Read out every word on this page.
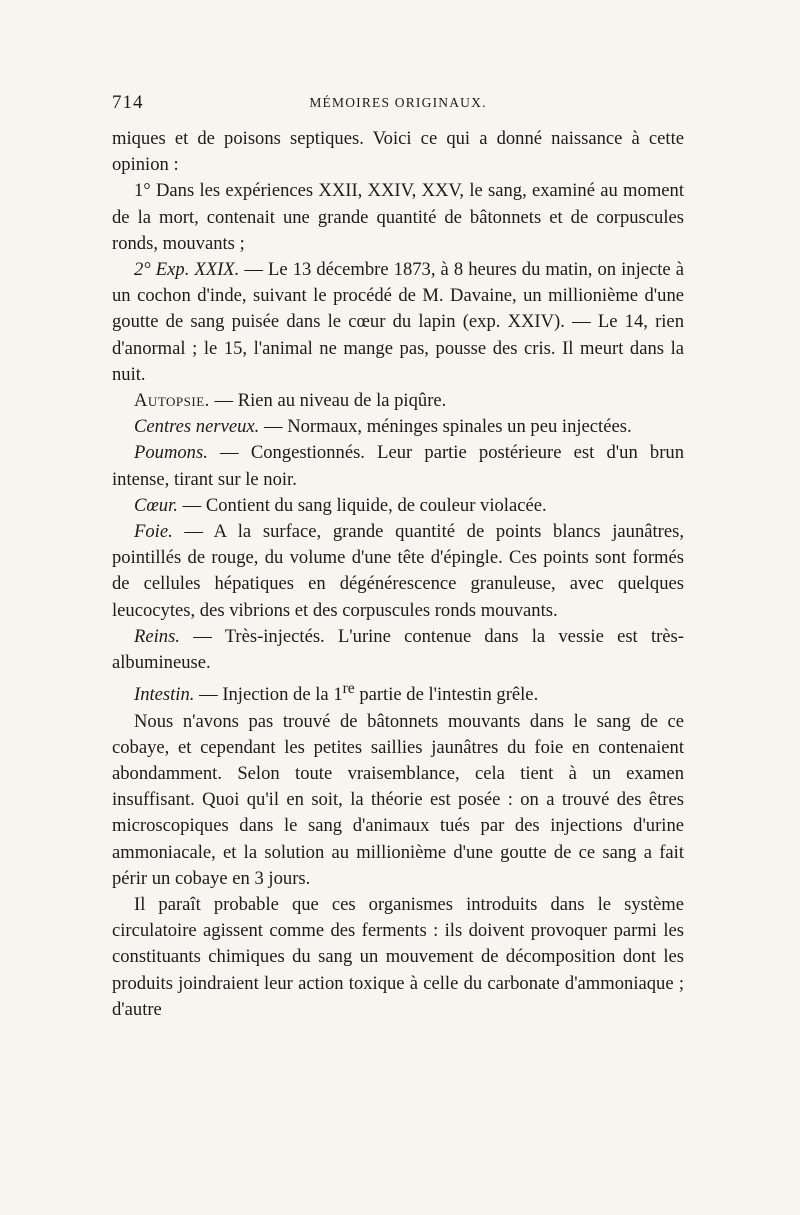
714	MÉMOIRES ORIGINAUX.

miques et de poisons septiques. Voici ce qui a donné naissance à cette opinion :

1° Dans les expériences XXII, XXIV, XXV, le sang, examiné au moment de la mort, contenait une grande quantité de bâtonnets et de corpuscules ronds, mouvants ;

2° Exp. XXIX. — Le 13 décembre 1873, à 8 heures du matin, on injecte à un cochon d'inde, suivant le procédé de M. Davaine, un millionième d'une goutte de sang puisée dans le cœur du lapin (exp. XXIV). — Le 14, rien d'anormal ; le 15, l'animal ne mange pas, pousse des cris. Il meurt dans la nuit.

Autopsie. — Rien au niveau de la piqûre.

Centres nerveux. — Normaux, méninges spinales un peu injectées.

Poumons. — Congestionnés. Leur partie postérieure est d'un brun intense, tirant sur le noir.

Cœur. — Contient du sang liquide, de couleur violacée.

Foie. — A la surface, grande quantité de points blancs jaunâtres, pointillés de rouge, du volume d'une tête d'épingle. Ces points sont formés de cellules hépatiques en dégénérescence granuleuse, avec quelques leucocytes, des vibrions et des corpuscules ronds mouvants.

Reins. — Très-injectés. L'urine contenue dans la vessie est très-albumineuse.

Intestin. — Injection de la 1re partie de l'intestin grêle.

Nous n'avons pas trouvé de bâtonnets mouvants dans le sang de ce cobaye, et cependant les petites saillies jaunâtres du foie en contenaient abondamment. Selon toute vraisemblance, cela tient à un examen insuffisant. Quoi qu'il en soit, la théorie est posée : on a trouvé des êtres microscopiques dans le sang d'animaux tués par des injections d'urine ammoniacale, et la solution au millionième d'une goutte de ce sang a fait périr un cobaye en 3 jours.

Il paraît probable que ces organismes introduits dans le système circulatoire agissent comme des ferments : ils doivent provoquer parmi les constituants chimiques du sang un mouvement de décomposition dont les produits joindraient leur action toxique à celle du carbonate d'ammoniaque ; d'autre
